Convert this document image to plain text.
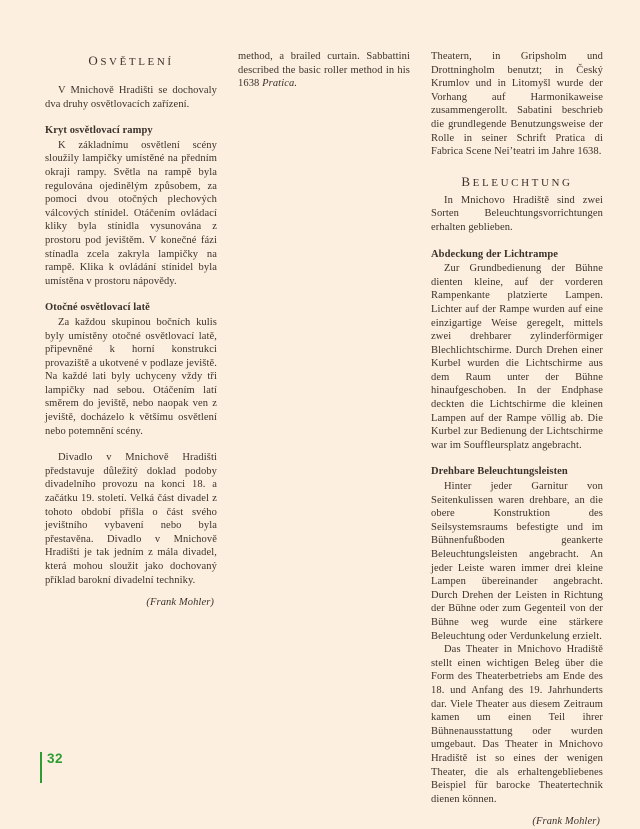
OSVĚTLENÍ

V Mnichově Hradišti se dochovaly dva druhy osvětlovacích zařízení.

Kryt osvětlovací rampy

K základnímu osvětlení scény sloužily lampičky umístěné na předním okraji rampy. Světla na rampě byla regulována ojedinělým způsobem, za pomoci dvou otočných plechových válcových stínidel. Otáčením ovládací kliky byla stínidla vysunována z prostoru pod jevištěm. V konečné fázi stínadla zcela zakryla lampičky na rampě. Klika k ovládání stínidel byla umístěna v prostoru nápovědy.

Otočné osvětlovací latě

Za každou skupinou bočních kulis byly umístěny otočné osvětlovací latě, připevněné k horní konstrukci provaziště a ukotvené v podlaze jeviště. Na každé lati byly uchyceny vždy tři lampičky nad sebou. Otáčením latí směrem do jeviště, nebo naopak ven z jeviště, docházelo k většímu osvětlení nebo potemnění scény.

Divadlo v Mnichově Hradišti představuje důležitý doklad podoby divadelního provozu na konci 18. a začátku 19. století. Velká část divadel z tohoto období přišla o část svého jevištního vybavení nebo byla přestavěna. Divadlo v Mnichově Hradišti je tak jedním z mála divadel, která mohou sloužit jako dochovaný příklad barokní divadelní techniky.

(Frank Mohler)

method, a brailed curtain. Sabbattini described the basic roller method in his 1638 Pratica.

Theatern, in Gripsholm und Drottningholm benutzt; in Český Krumlov und in Litomyšl wurde der Vorhang auf Harmonikaweise zusammengerollt. Sabatini beschrieb die grundlegende Benutzungsweise der Rolle in seiner Schrift Pratica di Fabrica Scene Nei’teatri im Jahre 1638.

BELEUCHTUNG

In Mnichovo Hradiště sind zwei Sorten Beleuchtungsvorrichtungen erhalten geblieben.

Abdeckung der Lichtrampe

Zur Grundbedienung der Bühne dienten kleine, auf der vorderen Rampenkante platzierte Lampen. Lichter auf der Rampe wurden auf eine einzigartige Weise geregelt, mittels zwei drehbarer zylinderförmiger Blechlichtschirme. Durch Drehen einer Kurbel wurden die Lichtschirme aus dem Raum unter der Bühne hinaufgeschoben. In der Endphase deckten die Lichtschirme die kleinen Lampen auf der Rampe völlig ab. Die Kurbel zur Bedienung der Lichtschirme war im Souffleursplatz angebracht.

Drehbare Beleuchtungsleisten

Hinter jeder Garnitur von Seitenkulissen waren drehbare, an die obere Konstruktion des Seilsystemsraums befestigte und im Bühnenfußboden geankerte Beleuchtungsleisten angebracht. An jeder Leiste waren immer drei kleine Lampen übereinander angebracht. Durch Drehen der Leisten in Richtung der Bühne oder zum Gegenteil von der Bühne weg wurde eine stärkere Beleuchtung oder Verdunkelung erzielt.

Das Theater in Mnichovo Hradiště stellt einen wichtigen Beleg über die Form des Theaterbetriebs am Ende des 18. und Anfang des 19. Jahrhunderts dar. Viele Theater aus diesem Zeitraum kamen um einen Teil ihrer Bühnenausstattung oder wurden umgebaut. Das Theater in Mnichovo Hradiště ist so eines der wenigen Theater, die als erhaltengebliebenes Beispiel für barocke Theatertechnik dienen können.

(Frank Mohler)

32
